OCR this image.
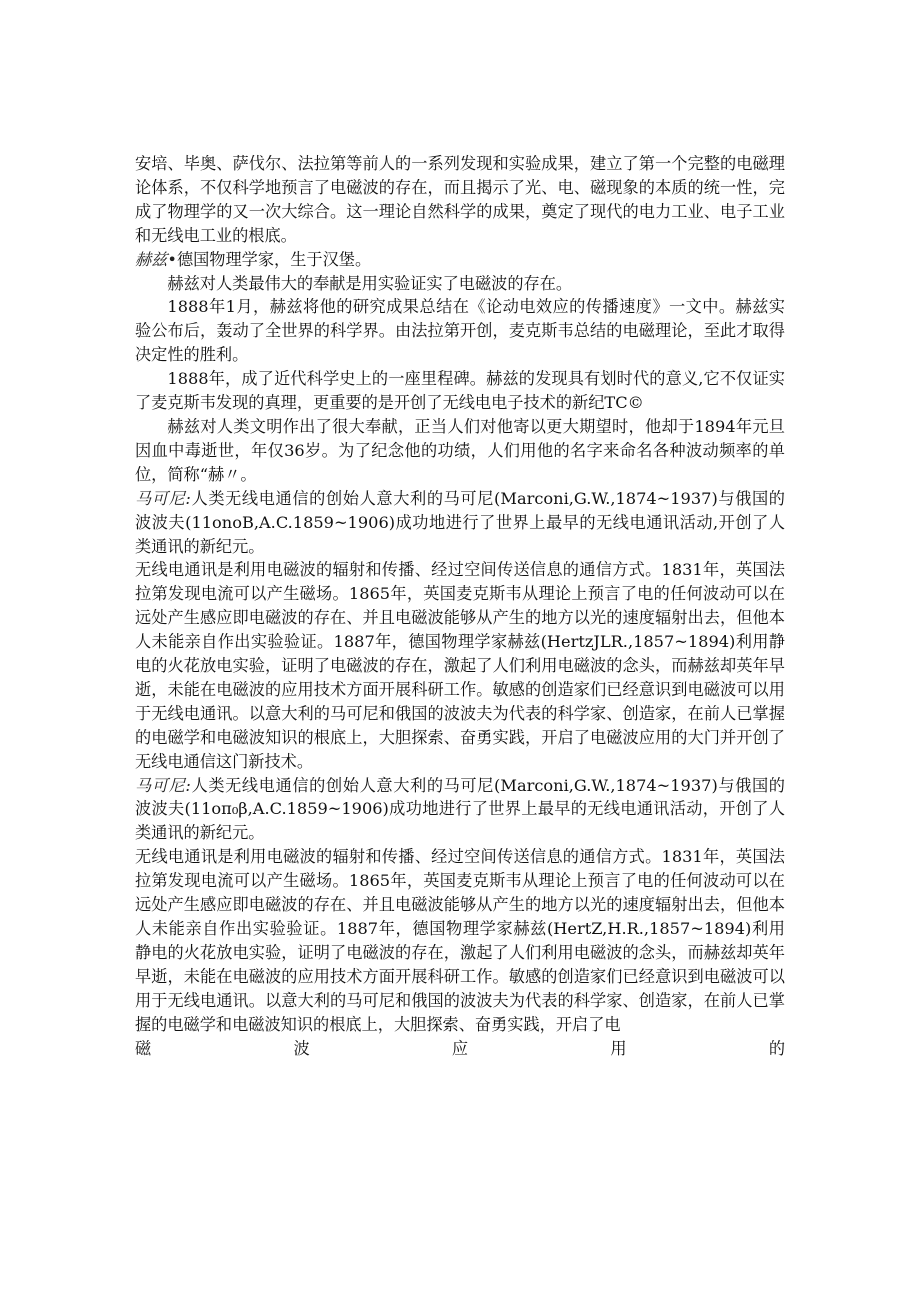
安培、毕奥、萨伐尔、法拉第等前人的一系列发现和实验成果，建立了第一个完整的电磁理论体系，不仅科学地预言了电磁波的存在，而且揭示了光、电、磁现象的本质的统一性，完成了物理学的又一次大综合。这一理论自然科学的成果，奠定了现代的电力工业、电子工业和无线电工业的根底。

赫兹•德国物理学家，生于汉堡。

赫兹对人类最伟大的奉献是用实验证实了电磁波的存在。

1888年1月，赫兹将他的研究成果总结在《论动电效应的传播速度》一文中。赫兹实验公布后，轰动了全世界的科学界。由法拉第开创，麦克斯韦总结的电磁理论，至此才取得决定性的胜利。

1888年，成了近代科学史上的一座里程碑。赫兹的发现具有划时代的意义,它不仅证实了麦克斯韦发现的真理，更重要的是开创了无线电电子技术的新纪TC©

赫兹对人类文明作出了很大奉献，正当人们对他寄以更大期望时，他却于1894年元旦因血中毒逝世，年仅36岁。为了纪念他的功绩，人们用他的名字来命名各种波动频率的单位，简称“赫〃。

马可尼:人类无线电通信的创始人意大利的马可尼(Marconi,G.W.,1874~1937)与俄国的波波夫(11onoB,A.C.1859~1906)成功地进行了世界上最早的无线电通讯活动,开创了人类通讯的新纪元。

无线电通讯是利用电磁波的辐射和传播、经过空间传送信息的通信方式。1831年，英国法拉第发现电流可以产生磁场。1865年，英国麦克斯韦从理论上预言了电的任何波动可以在远处产生感应即电磁波的存在、并且电磁波能够从产生的地方以光的速度辐射出去，但他本人未能亲自作出实验验证。1887年，德国物理学家赫兹(HertzJLR.,1857~1894)利用静电的火花放电实验，证明了电磁波的存在，激起了人们利用电磁波的念头，而赫兹却英年早逝，未能在电磁波的应用技术方面开展科研工作。敏感的创造家们已经意识到电磁波可以用于无线电通讯。以意大利的马可尼和俄国的波波夫为代表的科学家、创造家，在前人已掌握的电磁学和电磁波知识的根底上，大胆探索、奋勇实践，开启了电磁波应用的大门并开创了无线电通信这门新技术。

马可尼:人类无线电通信的创始人意大利的马可尼(Marconi,G.W.,1874~1937)与俄国的波波夫(11oπ₀β,A.C.1859~1906)成功地进行了世界上最早的无线电通讯活动，开创了人类通讯的新纪元。

无线电通讯是利用电磁波的辐射和传播、经过空间传送信息的通信方式。1831年，英国法拉第发现电流可以产生磁场。1865年，英国麦克斯韦从理论上预言了电的任何波动可以在远处产生感应即电磁波的存在、并且电磁波能够从产生的地方以光的速度辐射出去，但他本人未能亲自作出实验验证。1887年，德国物理学家赫兹(HertZ,H.R.,1857~1894)利用静电的火花放电实验，证明了电磁波的存在，激起了人们利用电磁波的念头，而赫兹却英年早逝，未能在电磁波的应用技术方面开展科研工作。敏感的创造家们已经意识到电磁波可以用于无线电通讯。以意大利的马可尼和俄国的波波夫为代表的科学家、创造家，在前人已掌握的电磁学和电磁波知识的根底上，大胆探索、奋勇实践，开启了电

磁	波	应	用	的
